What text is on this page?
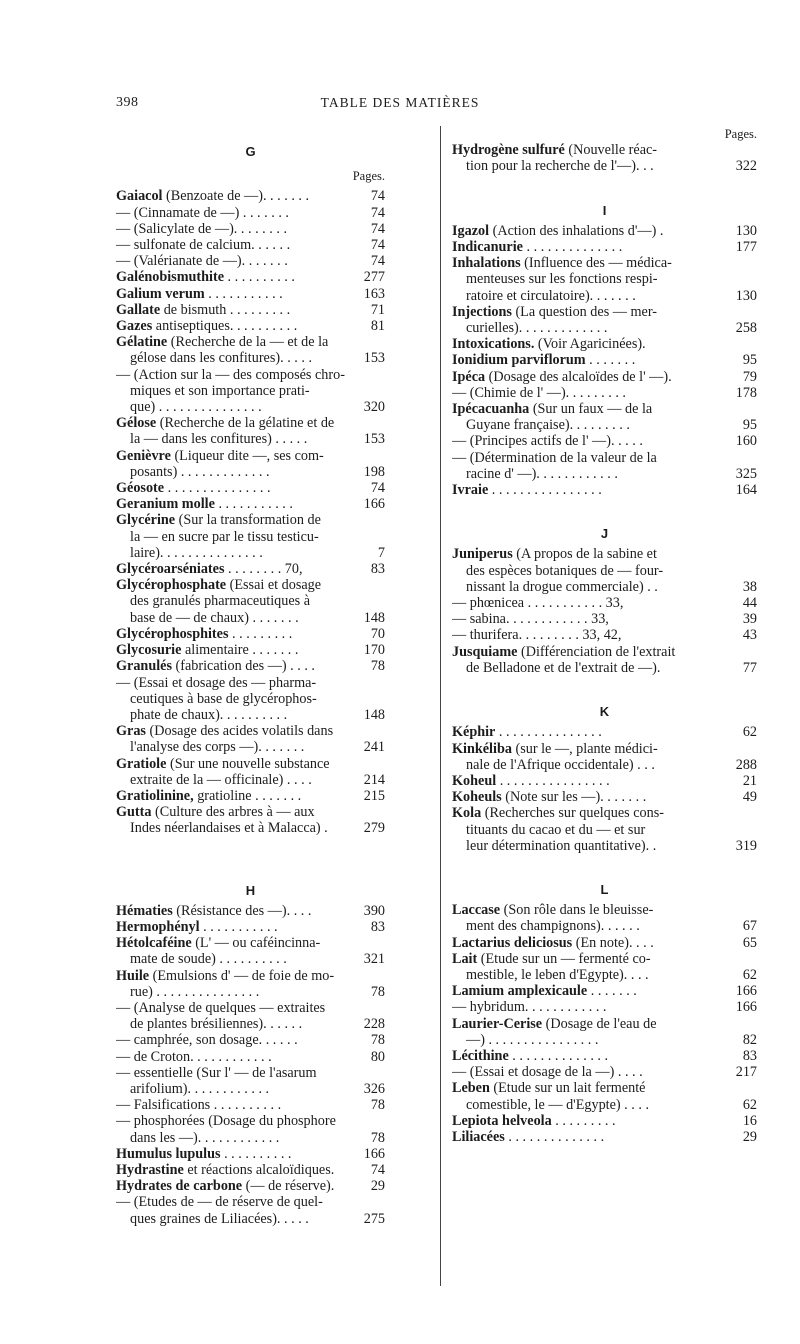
398	TABLE DES MATIÈRES
G
Pages.
Gaiacol (Benzoate de —). . . . . . .	74
— (Cinnamate de —) . . . . . . .	74
— (Salicylate de —). . . . . . . .	74
— sulfonate de calcium. . . . . .	74
— (Valérianate de —). . . . . . .	74
Galénobismuthite . . . . . . . . . .	277
Galium verum . . . . . . . . . . .	163
Gallate de bismuth . . . . . . . . .	71
Gazes antiseptiques. . . . . . . . . .	81
Gélatine (Recherche de la — et de la
gélose dans les confitures). . . . .	153
— (Action sur la — des composés chro-
miques et son importance prati-
que) . . . . . . . . . . . . . . .	320
Gélose (Recherche de la gélatine et de
la — dans les confitures) . . . . .	153
Genièvre (Liqueur dite —, ses com-
posants) . . . . . . . . . . . . .	198
Géosote . . . . . . . . . . . . . . .	74
Geranium molle . . . . . . . . . . .	166
Glycérine (Sur la transformation de
la — en sucre par le tissu testicu-
laire). . . . . . . . . . . . . . .	7
Glycéroarséniates . . . . . . . . 70,	83
Glycérophosphate (Essai et dosage
des granulés pharmaceutiques à
base de — de chaux) . . . . . . .	148
Glycérophosphites . . . . . . . . .	70
Glycosurie alimentaire . . . . . . .	170
Granulés (fabrication des —) . . . .	78
— (Essai et dosage des — pharma-
ceutiques à base de glycérophos-
phate de chaux). . . . . . . . . .	148
Gras (Dosage des acides volatils dans
l'analyse des corps —). . . . . . .	241
Gratiole (Sur une nouvelle substance
extraite de la — officinale) . . . .	214
Gratiolinine, gratioline . . . . . . .	215
Gutta (Culture des arbres à — aux
Indes néerlandaises et à Malacca) .	279
H
Hématies (Résistance des —). . . .	390
Hermophényl . . . . . . . . . . .	83
Hétolcaféine (L' — ou caféincinna-
mate de soude) . . . . . . . . . .	321
Huile (Emulsions d' — de foie de mo-
rue) . . . . . . . . . . . . . . .	78
— (Analyse de quelques — extraites
de plantes brésiliennes). . . . . .	228
— camphrée, son dosage. . . . . .	78
— de Croton. . . . . . . . . . . .	80
— essentielle (Sur l' — de l'asarum
arifolium). . . . . . . . . . . .	326
— Falsifications . . . . . . . . . .	78
— phosphorées (Dosage du phosphore
dans les —). . . . . . . . . . . .	78
Humulus lupulus . . . . . . . . . .	166
Hydrastine et réactions alcaloïdiques.	74
Hydrates de carbone (— de réserve).	29
— (Etudes de — de réserve de quel-
ques graines de Liliacées). . . . .	275
Pages.
Hydrogène sulfuré (Nouvelle réac-
tion pour la recherche de l'—). . .	322
I
Igazol (Action des inhalations d'—) .	130
Indicanurie . . . . . . . . . . . . . .	177
Inhalations (Influence des — médica-
menteuses sur les fonctions respi-
ratoire et circulatoire). . . . . . .	130
Injections (La question des — mer-
curielles). . . . . . . . . . . . .	258
Intoxications. (Voir Agaricinées).
Ionidium parviflorum . . . . . . .	95
Ipéca (Dosage des alcaloïdes de l' —).	79
— (Chimie de l' —). . . . . . . . .	178
Ipécacuanha (Sur un faux — de la
Guyane française). . . . . . . . .	95
— (Principes actifs de l' —). . . . .	160
— (Détermination de la valeur de la
racine d' —). . . . . . . . . . . .	325
Ivraie . . . . . . . . . . . . . . . .	164
J
Juniperus (A propos de la sabine et
des espèces botaniques de — four-
nissant la drogue commerciale) . .	38
— phœnicea . . . . . . . . . . . 33,	44
— sabina. . . . . . . . . . . . 33,	39
— thurifera. . . . . . . . . 33, 42,	43
Jusquiame (Différenciation de l'extrait
de Belladone et de l'extrait de —).	77
K
Képhir . . . . . . . . . . . . . . .	62
Kinkéliba (sur le —, plante médici-
nale de l'Afrique occidentale) . . .	288
Koheul . . . . . . . . . . . . . . . .	21
Koheuls (Note sur les —). . . . . . .	49
Kola (Recherches sur quelques cons-
tituants du cacao et du — et sur
leur détermination quantitative). .	319
L
Laccase (Son rôle dans le bleuisse-
ment des champignons). . . . . .	67
Lactarius deliciosus (En note). . . .	65
Lait (Etude sur un — fermenté co-
mestible, le leben d'Egypte). . . .	62
Lamium amplexicaule . . . . . . .	166
— hybridum. . . . . . . . . . . .	166
Laurier-Cerise (Dosage de l'eau de
—) . . . . . . . . . . . . . . . .	82
Lécithine . . . . . . . . . . . . . .	83
— (Essai et dosage de la —) . . . .	217
Leben (Etude sur un lait fermenté
comestible, le — d'Egypte) . . . .	62
Lepiota helveola . . . . . . . . .	16
Liliacées . . . . . . . . . . . . . .	29
